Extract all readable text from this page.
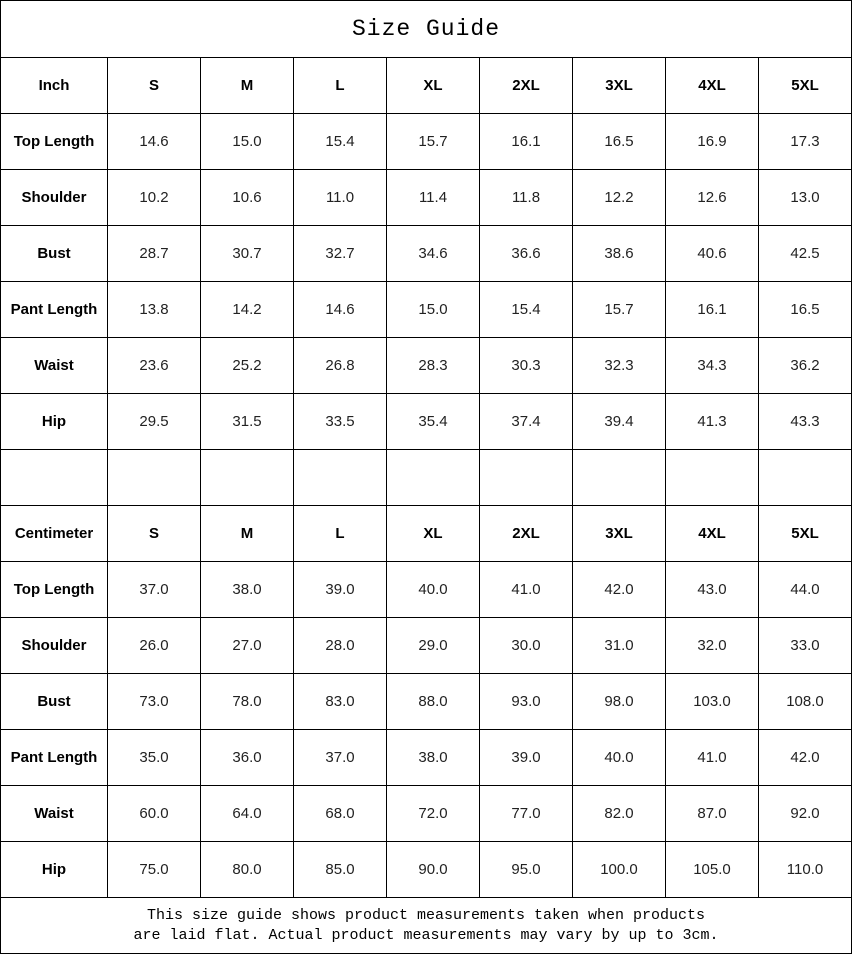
Size Guide								
Inch	S	M	L	XL	2XL	3XL	4XL	5XL
Top Length	14.6	15.0	15.4	15.7	16.1	16.5	16.9	17.3
Shoulder	10.2	10.6	11.0	11.4	11.8	12.2	12.6	13.0
Bust	28.7	30.7	32.7	34.6	36.6	38.6	40.6	42.5
Pant Length	13.8	14.2	14.6	15.0	15.4	15.7	16.1	16.5
Waist	23.6	25.2	26.8	28.3	30.3	32.3	34.3	36.2
Hip	29.5	31.5	33.5	35.4	37.4	39.4	41.3	43.3

Centimeter	S	M	L	XL	2XL	3XL	4XL	5XL
Top Length	37.0	38.0	39.0	40.0	41.0	42.0	43.0	44.0
Shoulder	26.0	27.0	28.0	29.0	30.0	31.0	32.0	33.0
Bust	73.0	78.0	83.0	88.0	93.0	98.0	103.0	108.0
Pant Length	35.0	36.0	37.0	38.0	39.0	40.0	41.0	42.0
Waist	60.0	64.0	68.0	72.0	77.0	82.0	87.0	92.0
Hip	75.0	80.0	85.0	90.0	95.0	100.0	105.0	110.0

This size guide shows product measurements taken when products
are laid flat. Actual product measurements may vary by up to 3cm.								
